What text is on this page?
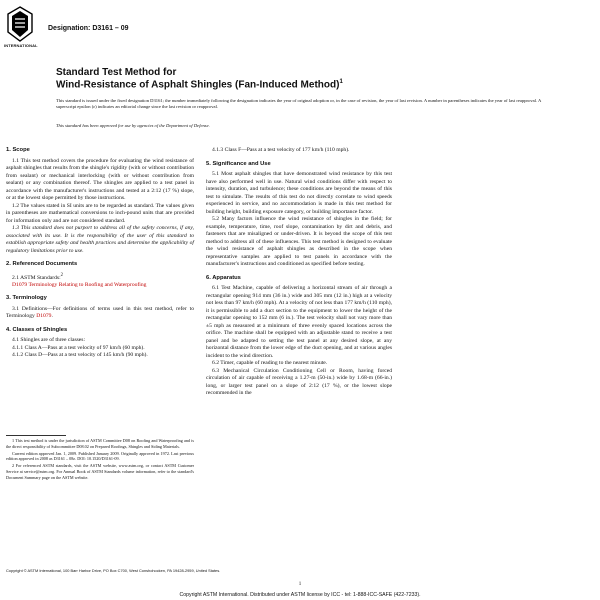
INTERNATIONAL
Designation: D3161 – 09
Standard Test Method for
Wind-Resistance of Asphalt Shingles (Fan-Induced Method)$^1$
This standard is issued under the fixed designation D3161; the number immediately following the designation indicates the year of original adoption or, in the case of revision, the year of last revision. A number in parentheses indicates the year of last reapproval. A superscript epsilon (ε) indicates an editorial change since the last revision or reapproval.
This standard has been approved for use by agencies of the Department of Defense.

1. Scope

1.1 This test method covers the procedure for evaluating the wind resistance of asphalt shingles that results from the shingle's rigidity (with or without contribution from sealant) or mechanical interlocking (with or without contribution from sealant) or any combination thereof. The shingles are applied to a test panel in accordance with the manufacturer's instructions and tested at a 2:12 (17 %) slope, or at the lowest slope permitted by those instructions.

1.2 The values stated in SI units are to be regarded as standard. The values given in parentheses are mathematical conversions to inch-pound units that are provided for information only and are not considered standard.

1.3 This standard does not purport to address all of the safety concerns, if any, associated with its use. It is the responsibility of the user of this standard to establish appropriate safety and health practices and determine the applicability of regulatory limitations prior to use.

2. Referenced Documents

2.1 ASTM Standards:$^2$

D1079 Terminology Relating to Roofing and Waterproofing

3. Terminology

3.1 Definitions—For definitions of terms used in this test method, refer to Terminology D1079.

4. Classes of Shingles

4.1 Shingles are of three classes:

4.1.1 Class A—Pass at a test velocity of 97 km/h (60 mph).

4.1.2 Class D—Pass at a test velocity of 145 km/h (90 mph).

1 This test method is under the jurisdiction of ASTM Committee D08 on Roofing and Waterproofing and is the direct responsibility of Subcommittee D08.02 on Prepared Roofings, Shingles and Siding Materials.

Current edition approved Jan. 1, 2009. Published January 2009. Originally approved in 1972. Last previous edition approved in 2008 as D3161 – 08ε. DOI: 10.1520/D3161-09.

2 For referenced ASTM standards, visit the ASTM website, www.astm.org, or contact ASTM Customer Service at service@astm.org. For Annual Book of ASTM Standards volume information, refer to the standard's Document Summary page on the ASTM website.

4.1.3 Class F—Pass at a test velocity of 177 km/h (110 mph).

5. Significance and Use

5.1 Most asphalt shingles that have demonstrated wind resistance by this test have also performed well in use. Natural wind conditions differ with respect to intensity, duration, and turbulence; these conditions are beyond the means of this test to simulate. The results of this test do not directly correlate to wind speeds experienced in service, and no accommodation is made in this test method for building height, building exposure category, or building importance factor.

5.2 Many factors influence the wind resistance of shingles in the field; for example, temperature, time, roof slope, contamination by dirt and debris, and fasteners that are misaligned or under-driven. It is beyond the scope of this test method to address all of these influences. This test method is designed to evaluate the wind resistance of asphalt shingles as described in the scope when representative samples are applied to test panels in accordance with the manufacturer's instructions and conditioned as specified before testing.

6. Apparatus

6.1 Test Machine, capable of delivering a horizontal stream of air through a rectangular opening 914 mm (36 in.) wide and 305 mm (12 in.) high at a velocity not less than 97 km/h (60 mph). At a velocity of not less than 177 km/h (110 mph), it is permissible to add a duct section to the equipment to lower the height of the rectangular opening to 152 mm (6 in.). The test velocity shall not vary more than ±5 mph as measured at a minimum of three evenly spaced locations across the orifice. The machine shall be equipped with an adjustable stand to receive a test panel and be adapted to setting the test panel at any desired slope, at any horizontal distance from the lower edge of the duct opening, and at various angles incident to the wind direction.

6.2 Timer, capable of reading to the nearest minute.

6.3 Mechanical Circulation Conditioning Cell or Room, having forced circulation of air capable of receiving a 1.27-m (50-in.) wide by 1.68-m (66-in.) long, or larger test panel on a slope of 2:12 (17 %), or the lowest slope recommended in the

Copyright © ASTM International, 100 Barr Harbor Drive, PO Box C700, West Conshohocken, PA 19428-2959, United States.
1
Copyright ASTM International. Distributed under ASTM license by ICC - tel: 1-888-ICC-SAFE (422-7233).
